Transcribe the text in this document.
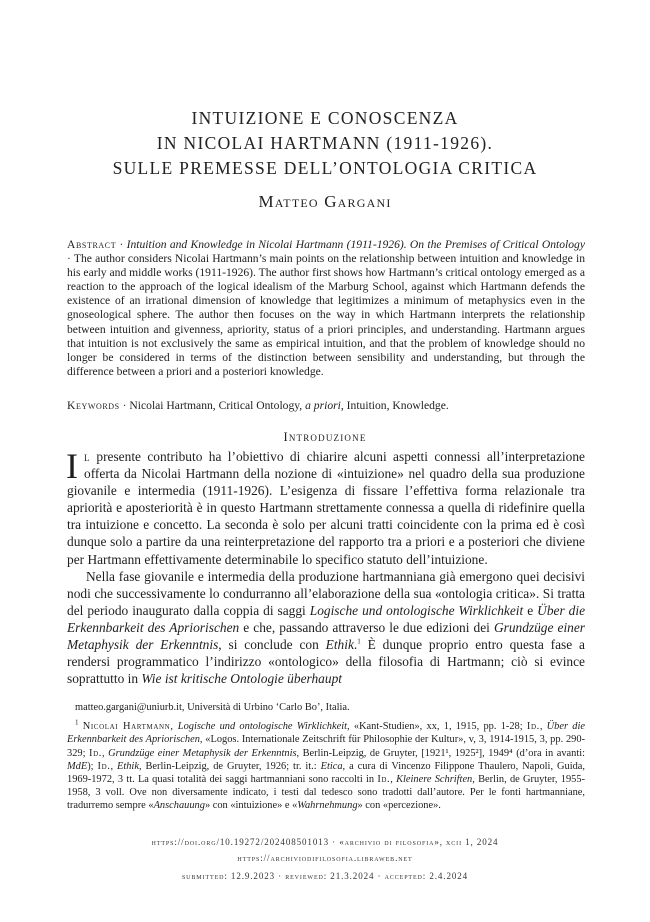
INTUIZIONE E CONOSCENZA
IN NICOLAI HARTMANN (1911-1926).
SULLE PREMESSE DELL’ONTOLOGIA CRITICA
Matteo Gargani
Abstract · Intuition and Knowledge in Nicolai Hartmann (1911-1926). On the Premises of Critical Ontology · The author considers Nicolai Hartmann’s main points on the relationship between intuition and knowledge in his early and middle works (1911-1926). The author first shows how Hartmann’s critical ontology emerged as a reaction to the approach of the logical idealism of the Marburg School, against which Hartmann defends the existence of an irrational dimension of knowledge that legitimizes a minimum of metaphysics even in the gnoseological sphere. The author then focuses on the way in which Hartmann interprets the relationship between intuition and givenness, apriority, status of a priori principles, and understanding. Hartmann argues that intuition is not exclusively the same as empirical intuition, and that the problem of knowledge should no longer be considered in terms of the distinction between sensibility and understanding, but through the difference between a priori and a posteriori knowledge.
Keywords · Nicolai Hartmann, Critical Ontology, a priori, Intuition, Knowledge.
Introduzione

Il presente contributo ha l’obiettivo di chiarire alcuni aspetti connessi all’interpretazione offerta da Nicolai Hartmann della nozione di «intuizione» nel quadro della sua produzione giovanile e intermedia (1911-1926). L’esigenza di fissare l’effettiva forma relazionale tra apriorità e aposteriorità è in questo Hartmann strettamente connessa a quella di ridefinire quella tra intuizione e concetto. La seconda è solo per alcuni tratti coincidente con la prima ed è così dunque solo a partire da una reinterpretazione del rapporto tra a priori e a posteriori che diviene per Hartmann effettivamente determinabile lo specifico statuto dell’intuizione.

Nella fase giovanile e intermedia della produzione hartmanniana già emergono quei decisivi nodi che successivamente lo condurranno all’elaborazione della sua «ontologia critica». Si tratta del periodo inaugurato dalla coppia di saggi Logische und ontologische Wirklichkeit e Über die Erkennbarkeit des Apriorischen e che, passando attraverso le due edizioni dei Grundzüge einer Metaphysik der Erkenntnis, si conclude con Ethik.$^1$ È dunque proprio entro questa fase a rendersi programmatico l’indirizzo «ontologico» della filosofia di Hartmann; ciò si evince soprattutto in Wie ist kritische Ontologie überhaupt

matteo.gargani@uniurb.it, Università di Urbino ‘Carlo Bo’, Italia.
$^1$ Nicolai Hartmann, Logische und ontologische Wirklichkeit, «Kant-Studien», xx, 1, 1915, pp. 1-28; Id., Über die Erkennbarkeit des Apriorischen, «Logos. Internationale Zeitschrift für Philosophie der Kultur», v, 3, 1914-1915, 3, pp. 290-329; Id., Grundzüge einer Metaphysik der Erkenntnis, Berlin-Leipzig, de Gruyter, [1921¹, 1925²], 1949⁴ (d’ora in avanti: MdE); Id., Ethik, Berlin-Leipzig, de Gruyter, 1926; tr. it.: Etica, a cura di Vincenzo Filippone Thaulero, Napoli, Guida, 1969-1972, 3 tt. La quasi totalità dei saggi hartmanniani sono raccolti in Id., Kleinere Schriften, Berlin, de Gruyter, 1955-1958, 3 voll. Ove non diversamente indicato, i testi dal tedesco sono tradotti dall’autore. Per le fonti hartmanniane, tradurremo sempre «Anschauung» con «intuizione» e «Wahrnehmung» con «percezione».
https://doi.org/10.19272/202408501013 · «archivio di filosofia», xcii 1, 2024
https://archiviodifilosofia.libraweb.net
submitted: 12.9.2023 · reviewed: 21.3.2024 · accepted: 2.4.2024
